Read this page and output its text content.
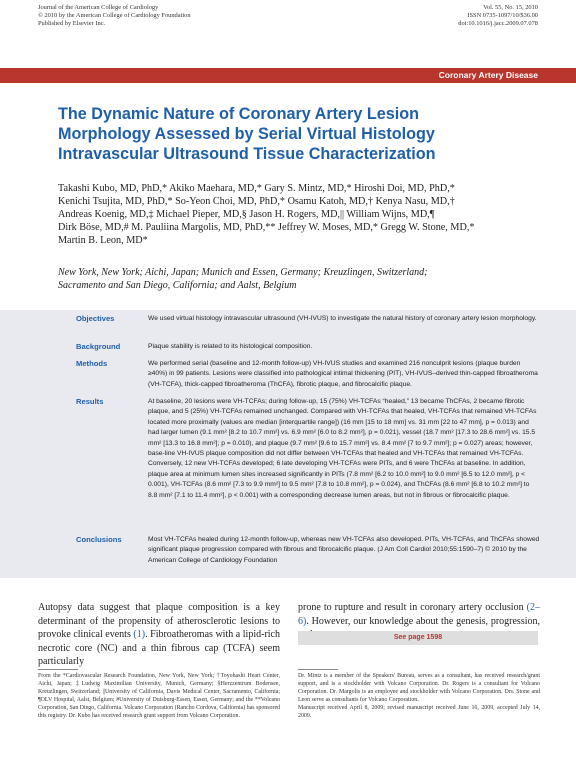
Journal of the American College of Cardiology
© 2010 by the American College of Cardiology Foundation
Published by Elsevier Inc.
Vol. 55, No. 15, 2010
ISSN 0735-1097/10/$36.00
doi:10.1016/j.jacc.2009.07.078
Coronary Artery Disease
The Dynamic Nature of Coronary Artery Lesion
Morphology Assessed by Serial Virtual Histology
Intravascular Ultrasound Tissue Characterization
Takashi Kubo, MD, PhD,* Akiko Maehara, MD,* Gary S. Mintz, MD,* Hiroshi Doi, MD, PhD,*
Kenichi Tsujita, MD, PhD,* So-Yeon Choi, MD, PhD,* Osamu Katoh, MD,† Kenya Nasu, MD,†
Andreas Koenig, MD,‡ Michael Pieper, MD,§ Jason H. Rogers, MD,|| William Wijns, MD,¶
Dirk Böse, MD,# M. Pauliina Margolis, MD, PhD,** Jeffrey W. Moses, MD,* Gregg W. Stone, MD,*
Martin B. Leon, MD*
New York, New York; Aichi, Japan; Munich and Essen, Germany; Kreuzlingen, Switzerland;
Sacramento and San Diego, California; and Aalst, Belgium
Objectives	We used virtual histology intravascular ultrasound (VH-IVUS) to investigate the natural history of coronary artery lesion morphology.
Background	Plaque stability is related to its histological composition.
Methods	We performed serial (baseline and 12-month follow-up) VH-IVUS studies and examined 216 nonculprit lesions (plaque burden ≥40%) in 99 patients. Lesions were classified into pathological intimal thickening (PIT), VH-IVUS–derived thin-capped fibroatheroma (VH-TCFA), thick-capped fibroatheroma (ThCFA), fibrotic plaque, and fibrocalcific plaque.
Results	At baseline, 20 lesions were VH-TCFAs; during follow-up, 15 (75%) VH-TCFAs “healed,” 13 became ThCFAs, 2 became fibrotic plaque, and 5 (25%) VH-TCFAs remained unchanged. Compared with VH-TCFAs that healed, VH-TCFAs that remained VH-TCFAs located more proximally (values are median [interquartile range]) (16 mm [15 to 18 mm] vs. 31 mm [22 to 47 mm], p = 0.013) and had larger lumen (9.1 mm² [8.2 to 10.7 mm²] vs. 6.9 mm² [6.0 to 8.2 mm²], p = 0.021), vessel (18.7 mm² [17.3 to 28.6 mm²] vs. 15.5 mm² [13.3 to 16.8 mm²]; p = 0.010), and plaque (9.7 mm² [9.6 to 15.7 mm²] vs. 8.4 mm² [7 to 9.7 mm²]; p = 0.027) areas; however, base-line VH-IVUS plaque composition did not differ between VH-TCFAs that healed and VH-TCFAs that remained VH-TCFAs. Conversely, 12 new VH-TCFAs developed; 6 late developing VH-TCFAs were PITs, and 6 were ThCFAs at baseline. In addition, plaque area at minimum lumen sites increased significantly in PITs (7.8 mm² [6.2 to 10.0 mm²] to 9.0 mm² [6.5 to 12.0 mm²], p < 0.001), VH-TCFAs (8.6 mm² [7.3 to 9.9 mm²] to 9.5 mm² [7.8 to 10.8 mm²], p = 0.024), and ThCFAs (8.6 mm² [6.8 to 10.2 mm²] to 8.8 mm² [7.1 to 11.4 mm²], p < 0.001) with a corresponding decrease lumen areas, but not in fibrous or fibrocalcific plaque.
Conclusions	Most VH-TCFAs healed during 12-month follow-up, whereas new VH-TCFAs also developed. PITs, VH-TCFAs, and ThCFAs showed significant plaque progression compared with fibrous and fibrocalcific plaque. (J Am Coll Cardiol 2010;55:1590–7) © 2010 by the American College of Cardiology Foundation
Autopsy data suggest that plaque composition is a key determinant of the propensity of atherosclerotic lesions to provoke clinical events (1). Fibroatheromas with a lipid-rich necrotic core (NC) and a thin fibrous cap (TCFA) seem particularly
prone to rupture and result in coronary artery occlusion (2–6). However, our knowledge about the genesis, progression,
See page 1598
From the *Cardiovascular Research Foundation, New York, New York; †Toyohashi Heart Center, Aichi, Japan; ‡Ludwig Maximilian University, Munich, Germany; §Herzzentrum Bodensee, Kreuzlingen, Switzerland; ||University of California, Davis Medical Center, Sacramento, California; ¶OLV Hospital, Aalst, Belgium; #University of Duisburg-Essen, Essen, Germany; and the **Volcano Corporation, San Diego, California. Volcano Corporation (Rancho Cordova, California) has sponsored this registry. Dr. Kubo has received research grant support from Volcano Corporation.
Dr. Mintz is a member of the Speakers' Bureau, serves as a consultant, has received research/grant support, and is a stockholder with Volcano Corporation. Dr. Rogers is a consultant for Volcano Corporation. Dr. Margolis is an employee and stockholder with Volcano Corporation. Drs. Stone and Leon serve as consultants for Volcano Corporation.
Manuscript received April 8, 2009; revised manuscript received June 16, 2009, accepted July 14, 2009.
